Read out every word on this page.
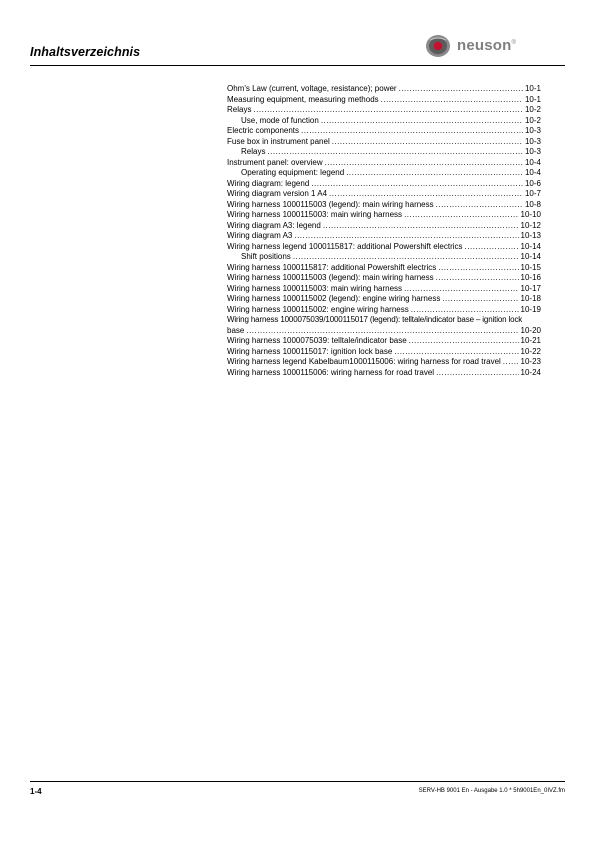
Inhaltsverzeichnis	neuson®
Ohm's Law (current, voltage, resistance); power .....	10-1
Measuring equipment, measuring methods .....	10-1
Relays .....	10-2
Use, mode of function .....	10-2
Electric components .....	10-3
Fuse box in instrument panel .....	10-3
Relays .....	10-3
Instrument panel: overview .....	10-4
Operating equipment: legend .....	10-4
Wiring diagram: legend .....	10-6
Wiring diagram version 1 A4 .....	10-7
Wiring harness 1000115003 (legend): main wiring harness .....	10-8
Wiring harness 1000115003: main wiring harness .....	10-10
Wiring diagram A3: legend .....	10-12
Wiring diagram A3 .....	10-13
Wiring harness legend 1000115817: additional Powershift electrics .....	10-14
Shift positions .....	10-14
Wiring harness 1000115817: additional Powershift electrics .....	10-15
Wiring harness 1000115003 (legend): main wiring harness .....	10-16
Wiring harness 1000115003: main wiring harness .....	10-17
Wiring harness 1000115002 (legend): engine wiring harness .....	10-18
Wiring harness 1000115002: engine wiring harness .....	10-19
Wiring harness 1000075039/1000115017 (legend): telltale/indicator base – ignition lock
base .....	10-20
Wiring harness 1000075039: telltale/indicator base .....	10-21
Wiring harness 1000115017: ignition lock base .....	10-22
Wiring harness legend Kabelbaum1000115006: wiring harness for road travel ..... 10-23
Wiring harness 1000115006: wiring harness for road travel .....	10-24
1-4	SERV-HB 9001 En - Ausgabe 1.0 * 5h9001En_0IVZ.fm
